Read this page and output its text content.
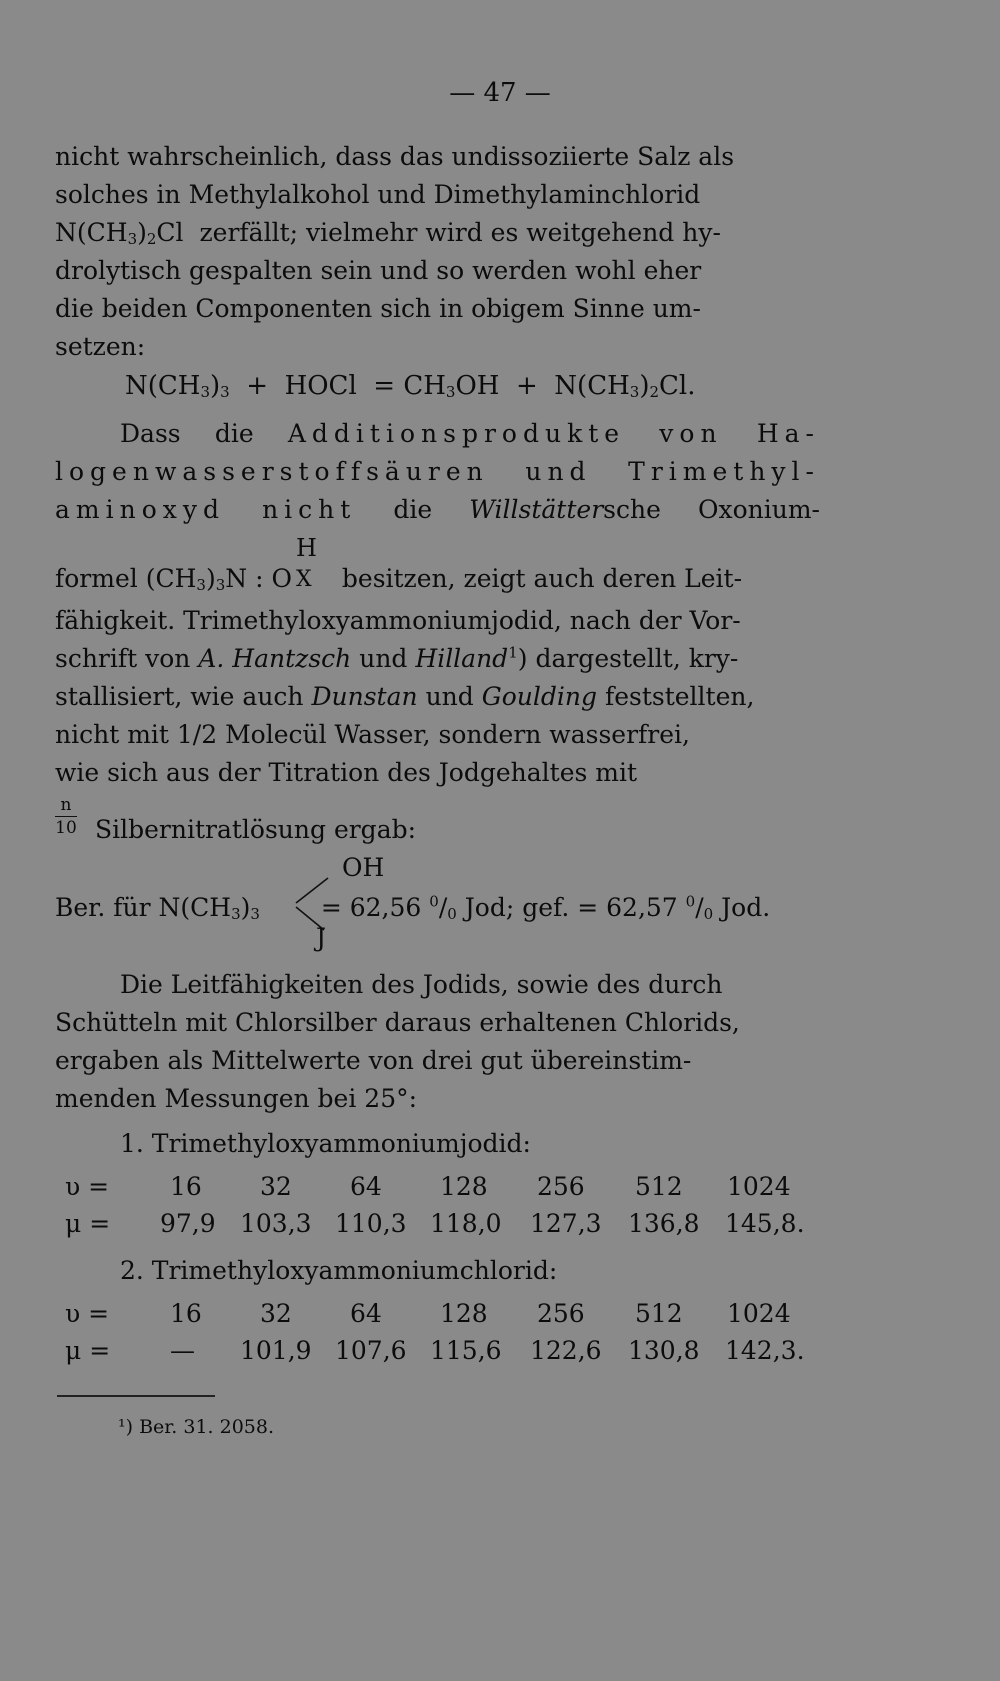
— 47 —
nicht wahrscheinlich, dass das undissoziierte Salz als
solches in Methylalkohol und Dimethylaminchlorid
$N(CH_3)_2Cl$ zerfällt; vielmehr wird es weitgehend hy-
drolytisch gespalten sein und so werden wohl eher
die beiden Componenten sich in obigem Sinne um-
setzen:
$N(CH_3)_3$  +  HOCl  = $CH_3OH + N(CH_3)_2Cl$.
Dass die Additionsprodukte von Ha-
logenwasserstoffsäuren und Trimethyl-
aminoxyd nicht die Willstättersche Oxonium-
formel $(CH_3)_3N$ : O
H
X besitzen, zeigt auch deren Leit-
fähigkeit. Trimethyloxyammoniumjodid, nach der Vor-
schrift von A. Hantzsch und Hilland$^1$) dargestellt, kry-
stallisiert, wie auch Dunstan und Goulding feststellten,
nicht mit 1/2 Molecül Wasser, sondern wasserfrei,
wie sich aus der Titration des Jodgehaltes mit
n
10 Silbernitratlösung ergab:
OH
J
Ber. für $N(CH_3)_3 = 62,56$ $^0/_0$ Jod; gef. = 62,57 $^0/_0$ Jod.
Die Leitfähigkeiten des Jodids, sowie des durch
Schütteln mit Chlorsilber daraus erhaltenen Chlorids,
ergaben als Mittelwerte von drei gut übereinstim-
menden Messungen bei 25°:
1. Trimethyloxyammoniumjodid:
υ = 16 32 64 128 256 512 1024
μ = 97,9 103,3 110,3 118,0 127,3 136,8 145,8.
2. Trimethyloxyammoniumchlorid:
υ = 16 32 64 128 256 512 1024
μ = — 101,9 107,6 115,6 122,6 130,8 142,3.
¹) Ber. 31. 2058.
